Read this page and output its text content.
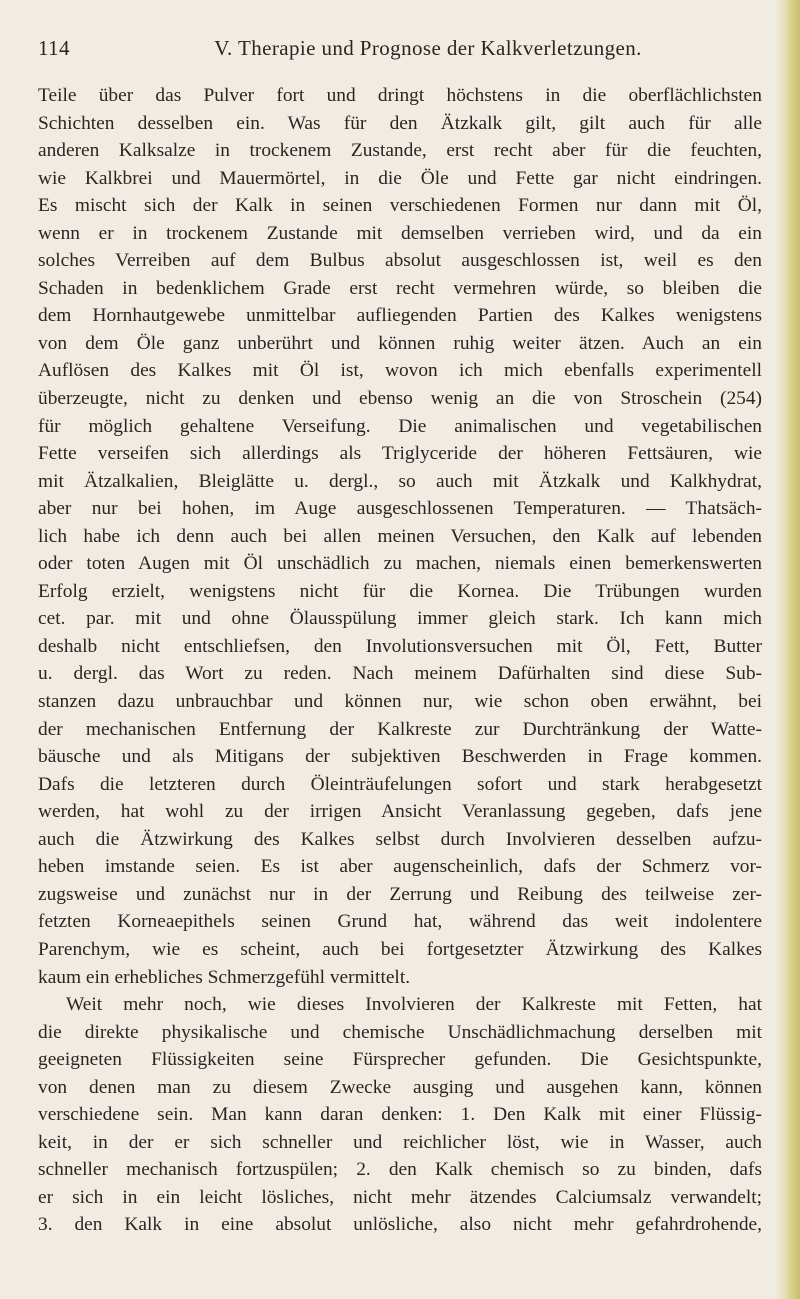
114	V. Therapie und Prognose der Kalkverletzungen.
Teile über das Pulver fort und dringt höchstens in die oberflächlichsten
Schichten desselben ein. Was für den Ätzkalk gilt, gilt auch für alle
anderen Kalksalze in trockenem Zustande, erst recht aber für die feuchten,
wie Kalkbrei und Mauermörtel, in die Öle und Fette gar nicht eindringen.
Es mischt sich der Kalk in seinen verschiedenen Formen nur dann mit Öl,
wenn er in trockenem Zustande mit demselben verrieben wird, und da ein
solches Verreiben auf dem Bulbus absolut ausgeschlossen ist, weil es den
Schaden in bedenklichem Grade erst recht vermehren würde, so bleiben die
dem Hornhautgewebe unmittelbar aufliegenden Partien des Kalkes wenigstens
von dem Öle ganz unberührt und können ruhig weiter ätzen. Auch an ein
Auflösen des Kalkes mit Öl ist, wovon ich mich ebenfalls experimentell
überzeugte, nicht zu denken und ebenso wenig an die von Stroschein (254)
für möglich gehaltene Verseifung. Die animalischen und vegetabilischen
Fette verseifen sich allerdings als Triglyceride der höheren Fettsäuren, wie
mit Ätzalkalien, Bleiglätte u. dergl., so auch mit Ätzkalk und Kalkhydrat,
aber nur bei hohen, im Auge ausgeschlossenen Temperaturen. — Thatsäch-
lich habe ich denn auch bei allen meinen Versuchen, den Kalk auf lebenden
oder toten Augen mit Öl unschädlich zu machen, niemals einen bemerkenswerten
Erfolg erzielt, wenigstens nicht für die Kornea. Die Trübungen wurden
cet. par. mit und ohne Ölausspülung immer gleich stark. Ich kann mich
deshalb nicht entschliefsen, den Involutionsversuchen mit Öl, Fett, Butter
u. dergl. das Wort zu reden. Nach meinem Dafürhalten sind diese Sub-
stanzen dazu unbrauchbar und können nur, wie schon oben erwähnt, bei
der mechanischen Entfernung der Kalkreste zur Durchtränkung der Watte-
bäusche und als Mitigans der subjektiven Beschwerden in Frage kommen.
Dafs die letzteren durch Öleinträufelungen sofort und stark herabgesetzt
werden, hat wohl zu der irrigen Ansicht Veranlassung gegeben, dafs jene
auch die Ätzwirkung des Kalkes selbst durch Involvieren desselben aufzu-
heben imstande seien. Es ist aber augenscheinlich, dafs der Schmerz vor-
zugsweise und zunächst nur in der Zerrung und Reibung des teilweise zer-
fetzten Korneaepithels seinen Grund hat, während das weit indolentere
Parenchym, wie es scheint, auch bei fortgesetzter Ätzwirkung des Kalkes
kaum ein erhebliches Schmerzgefühl vermittelt.
Weit mehr noch, wie dieses Involvieren der Kalkreste mit Fetten, hat
die direkte physikalische und chemische Unschädlichmachung derselben mit
geeigneten Flüssigkeiten seine Fürsprecher gefunden. Die Gesichtspunkte,
von denen man zu diesem Zwecke ausging und ausgehen kann, können
verschiedene sein. Man kann daran denken: 1. Den Kalk mit einer Flüssig-
keit, in der er sich schneller und reichlicher löst, wie in Wasser, auch
schneller mechanisch fortzuspülen; 2. den Kalk chemisch so zu binden, dafs
er sich in ein leicht lösliches, nicht mehr ätzendes Calciumsalz verwandelt;
3. den Kalk in eine absolut unlösliche, also nicht mehr gefahrdrohende,
